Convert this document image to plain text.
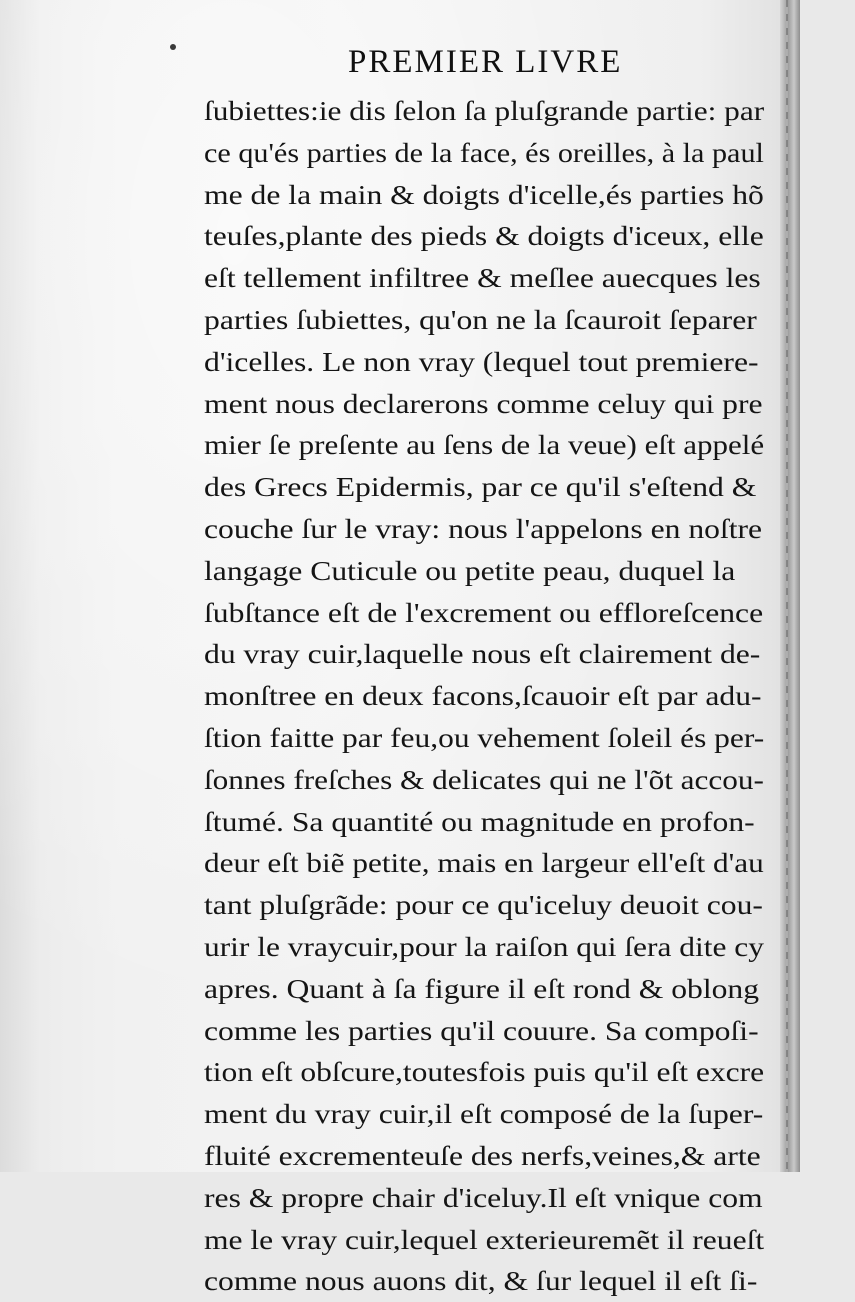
PREMIER LIVRE
ſubiettes:ie dis ſelon ſa pluſgrande partie: par
ce qu'és parties de la face, és oreilles, à la paul
me de la main & doigts d'icelle,és parties hõ
teuſes,plante des pieds & doigts d'iceux, elle
eſt tellement infiltree & meſlee auecques les
parties ſubiettes, qu'on ne la ſcauroit ſeparer
d'icelles. Le non vray (lequel tout premiere-
ment nous declarerons comme celuy qui pre
mier ſe preſente au ſens de la veue) eſt appelé
des Grecs Epidermis, par ce qu'il s'eſtend &
couche ſur le vray: nous l'appelons en noſtre
langage Cuticule ou petite peau, duquel la
ſubſtance eſt de l'excrement ou effloreſcence
du vray cuir,laquelle nous eſt clairement de-
monſtree en deux facons,ſcauoir eſt par adu-
ſtion faitte par feu,ou vehement ſoleil és per-
ſonnes freſches & delicates qui ne l'õt accou-
ſtumé. Sa quantité ou magnitude en profon-
deur eſt biẽ petite, mais en largeur ell'eſt d'au
tant pluſgrãde: pour ce qu'iceluy deuoit cou-
urir le vraycuir,pour la raiſon qui ſera dite cy
apres. Quant à ſa figure il eſt rond & oblong
comme les parties qu'il couure. Sa compoſi-
tion eſt obſcure,toutesfois puis qu'il eſt excre
ment du vray cuir,il eſt composé de la ſuper-
fluité excrementeuſe des nerfs,veines,& arte
res & propre chair d'iceluy.Il eſt vnique com
me le vray cuir,lequel exterieuremẽt il reueſt
comme nous auons dit, & ſur lequel il eſt ſi-
